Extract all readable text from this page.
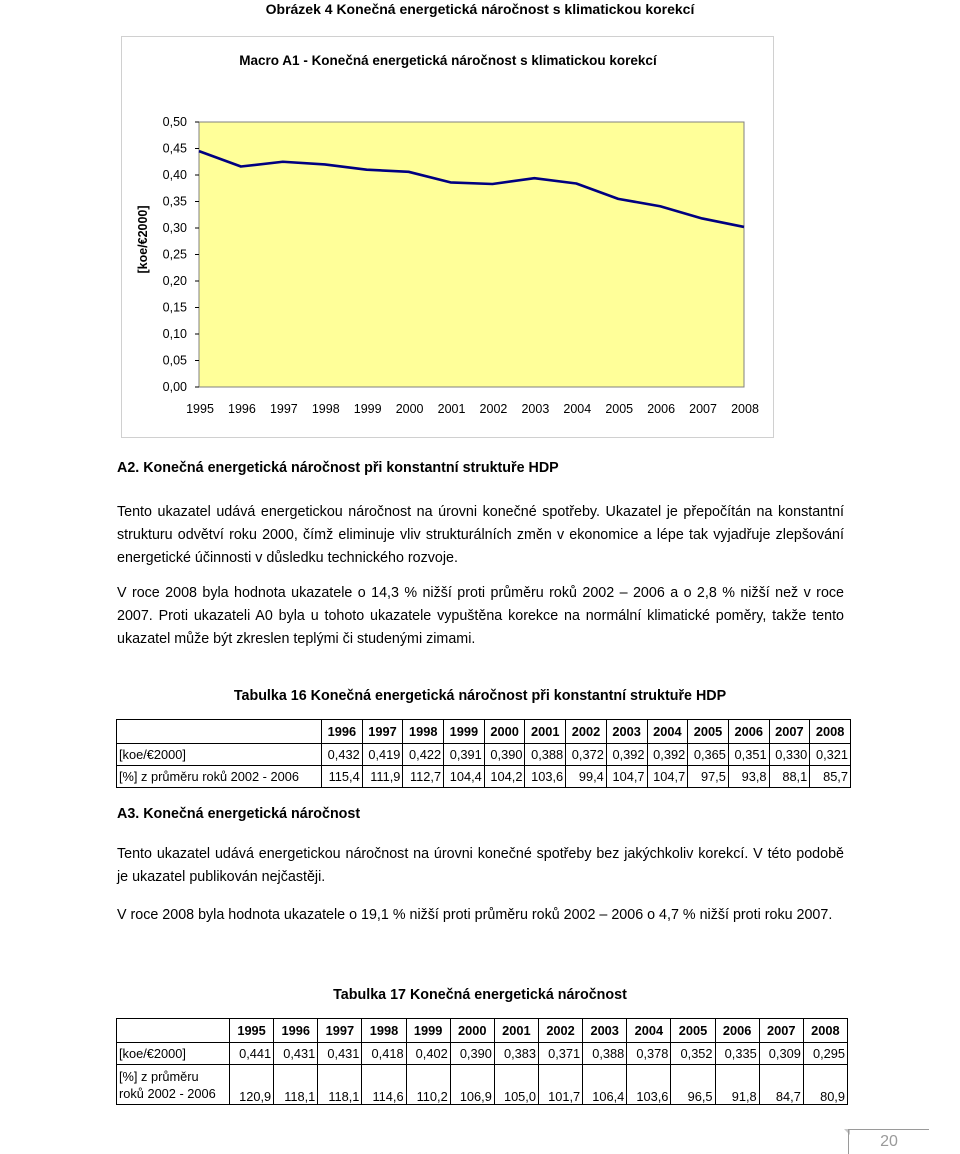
Obrázek 4 Konečná energetická náročnost s klimatickou korekcí
Macro A1 - Konečná energetická náročnost s klimatickou korekcí
0,50
0,45
0,40
0,35
0,30
0,25
0,20
0,15
0,10
0,05
0,00
[koe/€2000]
1995 1996 1997 1998 1999 2000 2001 2002 2003 2004 2005 2006 2007 2008
A2. Konečná energetická náročnost při konstantní struktuře HDP
Tento ukazatel udává energetickou náročnost na úrovni konečné spotřeby. Ukazatel je přepočítán na konstantní strukturu odvětví roku 2000, čímž eliminuje vliv strukturálních změn v ekonomice a lépe tak vyjadřuje zlepšování energetické účinnosti v důsledku technického rozvoje.
V roce 2008 byla hodnota ukazatele o 14,3 % nižší proti průměru roků 2002 – 2006 a o 2,8 % nižší než v roce 2007. Proti ukazateli A0 byla u tohoto ukazatele vypuštěna korekce na normální klimatické poměry, takže tento ukazatel může být zkreslen teplými či studenými zimami.
Tabulka 16 Konečná energetická náročnost při konstantní struktuře HDP
	1996	1997	1998	1999	2000	2001	2002	2003	2004	2005	2006	2007	2008
[koe/€2000]	0,432	0,419	0,422	0,391	0,390	0,388	0,372	0,392	0,392	0,365	0,351	0,330	0,321
[%] z průměru roků 2002 - 2006	115,4	111,9	112,7	104,4	104,2	103,6	99,4	104,7	104,7	97,5	93,8	88,1	85,7
A3. Konečná energetická náročnost
Tento ukazatel udává energetickou náročnost na úrovni konečné spotřeby bez jakýchkoliv korekcí. V této podobě je ukazatel publikován nejčastěji.
V roce 2008 byla hodnota ukazatele o 19,1 % nižší proti průměru roků 2002 – 2006 o 4,7 % nižší proti roku 2007.
Tabulka 17 Konečná energetická náročnost
	1995	1996	1997	1998	1999	2000	2001	2002	2003	2004	2005	2006	2007	2008
[koe/€2000]	0,441	0,431	0,431	0,418	0,402	0,390	0,383	0,371	0,388	0,378	0,352	0,335	0,309	0,295
[%] z průměru
roků 2002 - 2006	120,9	118,1	118,1	114,6	110,2	106,9	105,0	101,7	106,4	103,6	96,5	91,8	84,7	80,9
20
